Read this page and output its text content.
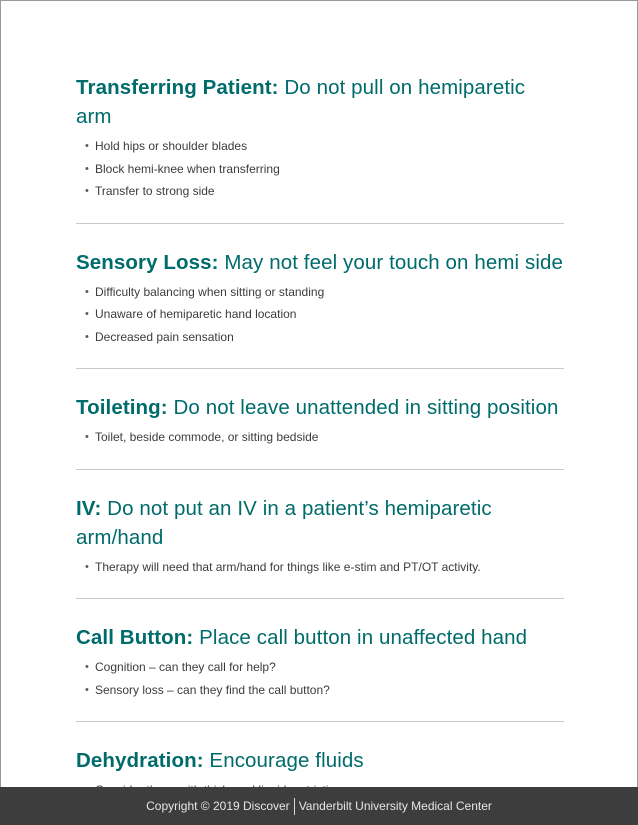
Transferring Patient: Do not pull on hemiparetic arm
• Hold hips or shoulder blades
• Block hemi-knee when transferring
• Transfer to strong side
Sensory Loss: May not feel your touch on hemi side
• Difficulty balancing when sitting or standing
• Unaware of hemiparetic hand location
• Decreased pain sensation
Toileting: Do not leave unattended in sitting position
• Toilet, beside commode, or sitting bedside
IV: Do not put an IV in a patient’s hemiparetic arm/hand
• Therapy will need that arm/hand for things like e-stim and PT/OT activity.
Call Button: Place call button in unaffected hand
• Cognition – can they call for help?
• Sensory loss – can they find the call button?
Dehydration: Encourage fluids
Copyright © 2019 Discover Vanderbilt University Medical Center
